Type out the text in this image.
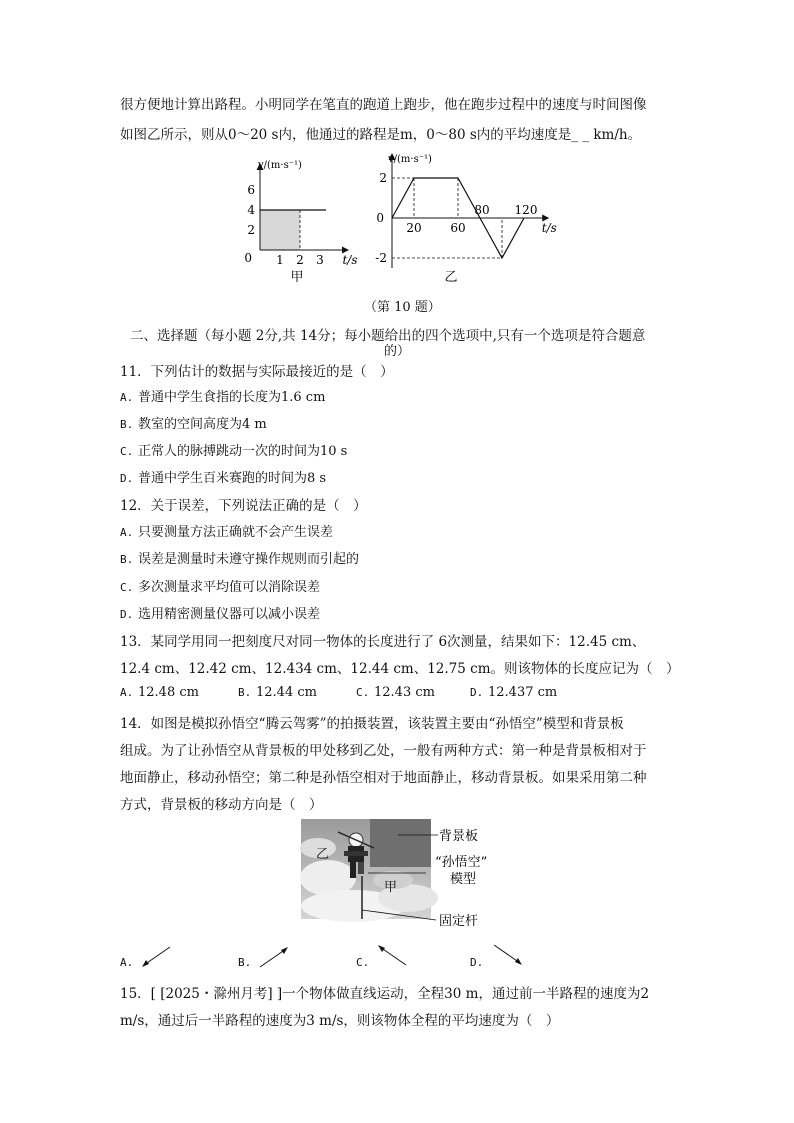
很方便地计算出路程。小明同学在笔直的跑道上跑步，他在跑步过程中的速度与时间图像
如图乙所示，则从0～20 s内，他通过的路程是m，0～80 s内的平均速度是_ _ km/h。
1 2 3
2
4
6
0	t/s
v/(m·s⁻¹)
20 60
80 120
2
-2
0
t/s
v/(m·s⁻¹)
甲	乙
（第 10 题）
二、选择题（每小题 2分,共 14分；每小题给出的四个选项中,只有一个选项是符合题意
的）
11．下列估计的数据与实际最接近的是（　）
A. 普通中学生食指的长度为1.6 cm
B. 教室的空间高度为4 m
C. 正常人的脉搏跳动一次的时间为10 s
D. 普通中学生百米赛跑的时间为8 s
12．关于误差，下列说法正确的是（　）
A. 只要测量方法正确就不会产生误差
B. 误差是测量时未遵守操作规则而引起的
C. 多次测量求平均值可以消除误差
D. 选用精密测量仪器可以减小误差
13．某同学用同一把刻度尺对同一物体的长度进行了 6次测量，结果如下：12.45 cm、
12.4 cm、12.42 cm、12.434 cm、12.44 cm、12.75 cm。则该物体的长度应记为（　）
A. 12.48 cm	B. 12.44 cm	C. 12.43 cm	D. 12.437 cm
14．如图是模拟孙悟空“腾云驾雾”的拍摄装置，该装置主要由“孙悟空”模型和背景板
组成。为了让孙悟空从背景板的甲处移到乙处，一般有两种方式：第一种是背景板相对于
地面静止，移动孙悟空；第二种是孙悟空相对于地面静止，移动背景板。如果采用第二种
方式，背景板的移动方向是（　）
乙
甲
背景板
“孙悟空”
模型
固定杆
A.	B.	C.	D.
15．[ [2025・滁州月考] ]一个物体做直线运动，全程30 m，通过前一半路程的速度为2
m/s，通过后一半路程的速度为3 m/s，则该物体全程的平均速度为（　）
